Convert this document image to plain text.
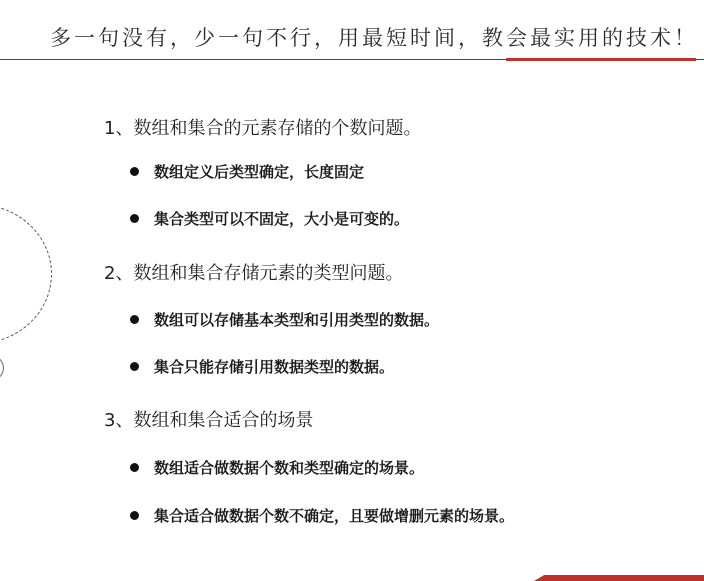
多一句没有，少一句不行，用最短时间，教会最实用的技术！
1、数组和集合的元素存储的个数问题。
数组定义后类型确定，长度固定
集合类型可以不固定，大小是可变的。
2、数组和集合存储元素的类型问题。
数组可以存储基本类型和引用类型的数据。
集合只能存储引用数据类型的数据。
3、数组和集合适合的场景
数组适合做数据个数和类型确定的场景。
集合适合做数据个数不确定，且要做增删元素的场景。
